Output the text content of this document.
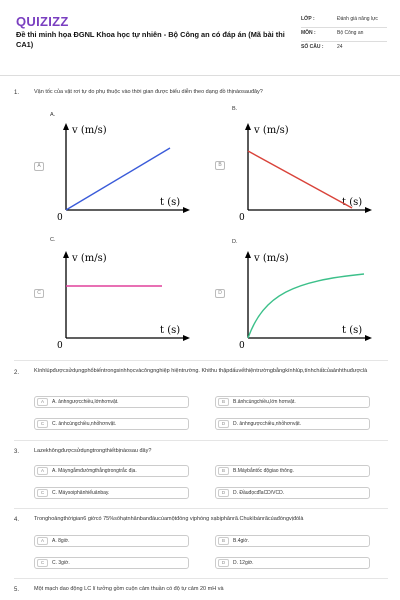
QUIZIZZ
Đề thi minh họa ĐGNL Khoa học tự nhiên - Bộ Công an có đáp án (Mã bài thi CA1)
LỚP :	Đánh giá năng lực
MÔN :	Bộ Công an
SỐ CÂU :	24
1.	Vận tốc của vật rơi tự do phụ thuộc vào thời gian được biểu diễn theo dạng đồ thịnàosauđây?
A.
A
v (m/s)
t (s)
0
B.
B
v (m/s)
t (s)
0
C.
C
v (m/s)
t (s)
0
D.
D
v (m/s)
t (s)
0
2.	Kínhlúpđượcsửdụngphổbiếntrongsinhhọcvàcôngnghiệp hiệntrường. Khithu thậpdấuvếthiệntrườngbằngkínhlúp,tínhchấtcủaảnhthuđượclà
A	A. ảnhngượcchiều,lớnhơnvật.	B	B.ảnhcùngchiều,lớn hơnvật.
C	C. ảnhcùngchiều,nhỏhơnvật.	D	D. ảnhngượcchiều,nhỏhơnvật.
3.	Lazekhôngđượcsửdụngtrongthiếtbịnàosau đây?
A	A. Máyngắmđườngthẳngtrongtrắc địa.	B	B.Máybắntốc độgiao thông.
C	C. Máysoiphânhiểuảnbay.	D	D. ĐầuđọcđĩaCD/VCD.
4.	Tronghoảngthờigian6 giờcó 75%sốhạtnhânbanđầucủamộtđồng vịphóng xạbịphânrã.Chukìbánrãcủađồngvịđólà
A	A. 8giờ.	B	B.4giờ.
C	C. 3giờ.	D	D. 12giờ.
5.	Một mạch dao động LC lí tưởng gồm cuộn cảm thuần có độ tự cảm 20 mH và
